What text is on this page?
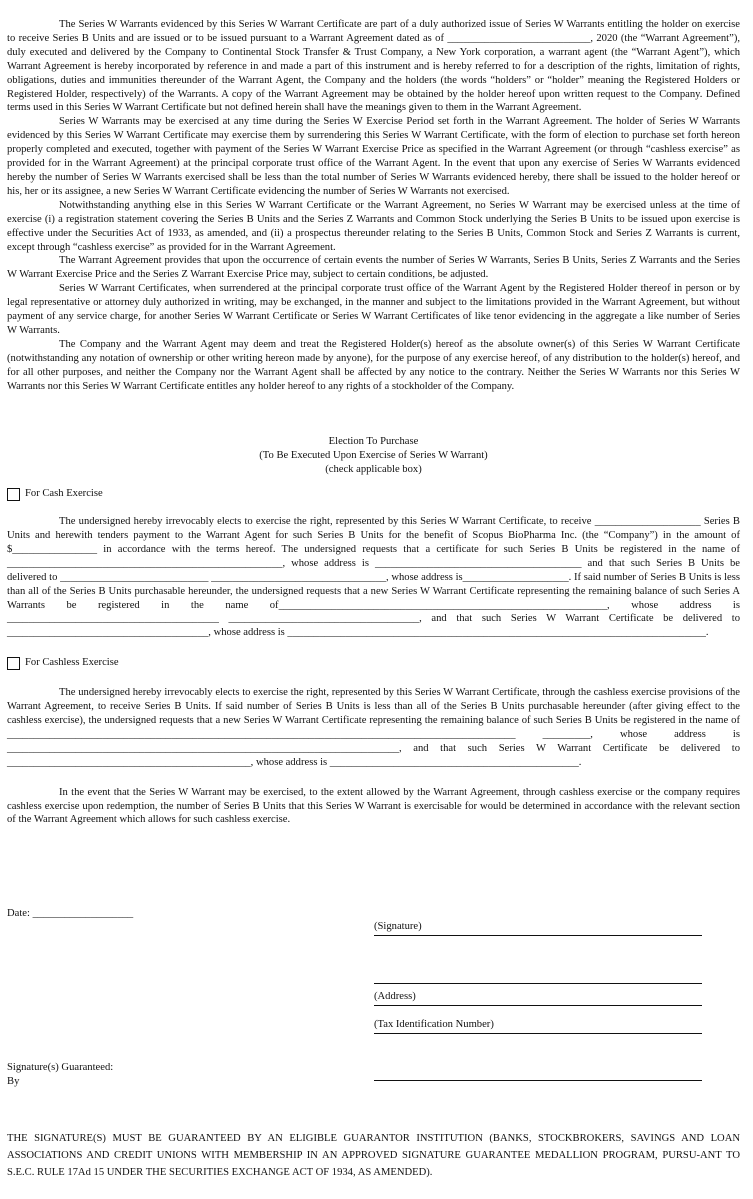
The Series W Warrants evidenced by this Series W Warrant Certificate are part of a duly authorized issue of Series W Warrants entitling the holder on exercise to receive Series B Units and are issued or to be issued pursuant to a Warrant Agreement dated as of ___________________________, 2020 (the “Warrant Agreement”), duly executed and delivered by the Company to Continental Stock Transfer & Trust Company, a New York corporation, a warrant agent (the “Warrant Agent”), which Warrant Agreement is hereby incorporated by reference in and made a part of this instrument and is hereby referred to for a description of the rights, limitation of rights, obligations, duties and immunities thereunder of the Warrant Agent, the Company and the holders (the words “holders” or “holder” meaning the Registered Holders or Registered Holder, respectively) of the Warrants. A copy of the Warrant Agreement may be obtained by the holder hereof upon written request to the Company. Defined terms used in this Series W Warrant Certificate but not defined herein shall have the meanings given to them in the Warrant Agreement.

Series W Warrants may be exercised at any time during the Series W Exercise Period set forth in the Warrant Agreement. The holder of Series W Warrants evidenced by this Series W Warrant Certificate may exercise them by surrendering this Series W Warrant Certificate, with the form of election to purchase set forth hereon properly completed and executed, together with payment of the Series W Warrant Exercise Price as specified in the Warrant Agreement (or through “cashless exercise” as provided for in the Warrant Agreement) at the principal corporate trust office of the Warrant Agent. In the event that upon any exercise of Series W Warrants evidenced hereby the number of Series W Warrants exercised shall be less than the total number of Series W Warrants evidenced hereby, there shall be issued to the holder hereof or his, her or its assignee, a new Series W Warrant Certificate evidencing the number of Series W Warrants not exercised.

Notwithstanding anything else in this Series W Warrant Certificate or the Warrant Agreement, no Series W Warrant may be exercised unless at the time of exercise (i) a registration statement covering the Series B Units and the Series Z Warrants and Common Stock underlying the Series B Units to be issued upon exercise is effective under the Securities Act of 1933, as amended, and (ii) a prospectus thereunder relating to the Series B Units, Common Stock and Series Z Warrants is current, except through “cashless exercise” as provided for in the Warrant Agreement.

The Warrant Agreement provides that upon the occurrence of certain events the number of Series W Warrants, Series B Units, Series Z Warrants and the Series W Warrant Exercise Price and the Series Z Warrant Exercise Price may, subject to certain conditions, be adjusted.

Series W Warrant Certificates, when surrendered at the principal corporate trust office of the Warrant Agent by the Registered Holder thereof in person or by legal representative or attorney duly authorized in writing, may be exchanged, in the manner and subject to the limitations provided in the Warrant Agreement, but without payment of any service charge, for another Series W Warrant Certificate or Series W Warrant Certificates of like tenor evidencing in the aggregate a like number of Series W Warrants.

The Company and the Warrant Agent may deem and treat the Registered Holder(s) hereof as the absolute owner(s) of this Series W Warrant Certificate (notwithstanding any notation of ownership or other writing hereon made by anyone), for the purpose of any exercise hereof, of any distribution to the holder(s) hereof, and for all other purposes, and neither the Company nor the Warrant Agent shall be affected by any notice to the contrary. Neither the Series W Warrants nor this Series W Warrants nor this Series W Warrant Certificate entitles any holder hereof to any rights of a stockholder of the Company.

Election To Purchase
(To Be Executed Upon Exercise of Series W Warrant)
(check applicable box)
For Cash Exercise

The undersigned hereby irrevocably elects to exercise the right, represented by this Series W Warrant Certificate, to receive ____________________ Series B Units and herewith tenders payment to the Warrant Agent for such Series B Units for the benefit of Scopus BioPharma Inc. (the “Company”) in the amount of $________________ in accordance with the terms hereof. The undersigned requests that a certificate for such Series B Units be registered in the name of ____________________________________________________, whose address is _______________________________________ and that such Series B Units be delivered to ____________________________ _________________________________, whose address is____________________. If said number of Series B Units is less than all of the Series B Units purchasable hereunder, the undersigned requests that a new Series W Warrant Certificate representing the remaining balance of such Series A Warrants be registered in the name of______________________________________________________________, whose address is ________________________________________ ____________________________________, and that such Series W Warrant Certificate be delivered to ______________________________________, whose address is _______________________________________________________________________________.

For Cashless Exercise

The undersigned hereby irrevocably elects to exercise the right, represented by this Series W Warrant Certificate, through the cashless exercise provisions of the Warrant Agreement, to receive Series B Units. If said number of Series B Units is less than all of the Series B Units purchasable hereunder (after giving effect to the cashless exercise), the undersigned requests that a new Series W Warrant Certificate representing the remaining balance of such Series B Units be registered in the name of ________________________________________________________________________________________________ _________, whose address is __________________________________________________________________________, and that such Series W Warrant Certificate be delivered to ______________________________________________, whose address is _______________________________________________.

In the event that the Series W Warrant may be exercised, to the extent allowed by the Warrant Agreement, through cashless exercise or the company requires cashless exercise upon redemption, the number of Series B Units that this Series W Warrant is exercisable for would be determined in accordance with the relevant section of the Warrant Agreement which allows for such cashless exercise.

Date: ___________________
(Signature)
(Address)
(Tax Identification Number)
Signature(s) Guaranteed:
By
THE SIGNATURE(S) MUST BE GUARANTEED BY AN ELIGIBLE GUARANTOR INSTITUTION (BANKS, STOCKBROKERS, SAVINGS AND LOAN ASSOCIATIONS AND CREDIT UNIONS WITH MEMBERSHIP IN AN APPROVED SIGNATURE GUARANTEE MEDALLION PROGRAM, PURSU-ANT TO S.E.C. RULE 17Ad 15 UNDER THE SECURITIES EXCHANGE ACT OF 1934, AS AMENDED).
